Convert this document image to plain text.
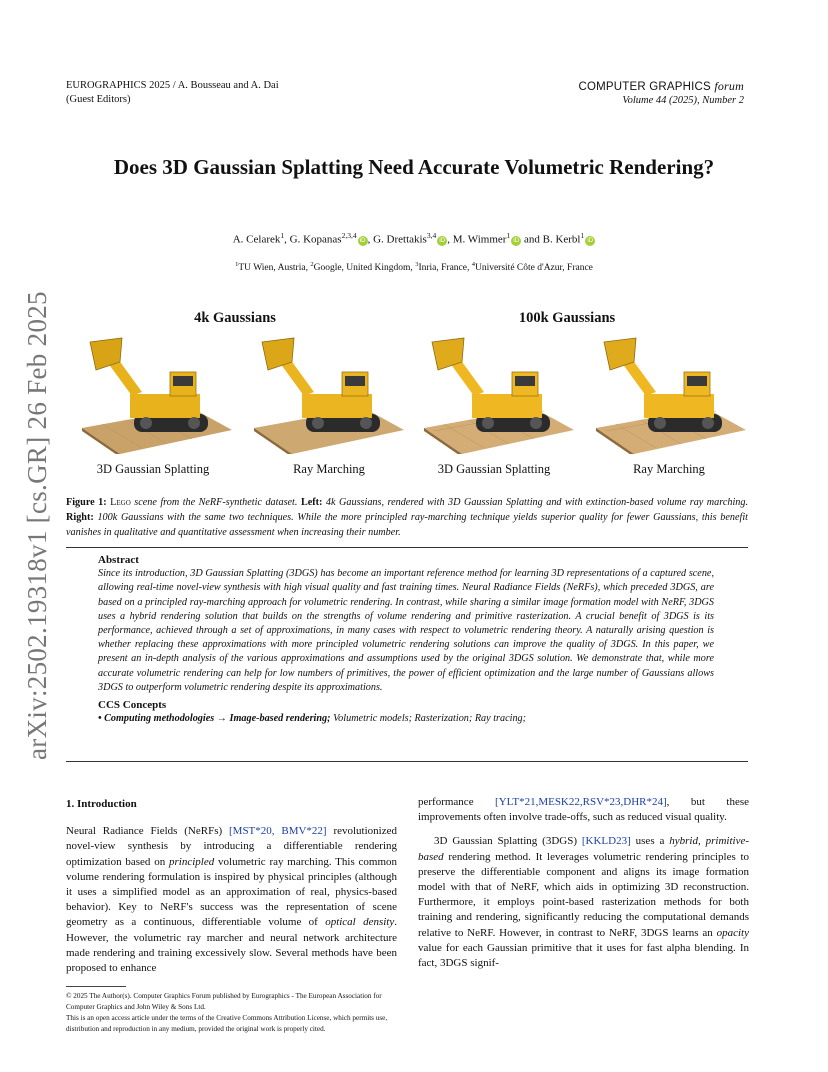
EUROGRAPHICS 2025 / A. Bousseau and A. Dai
(Guest Editors)
COMPUTER GRAPHICS forum
Volume 44 (2025), Number 2
arXiv:2502.19318v1 [cs.GR] 26 Feb 2025
Does 3D Gaussian Splatting Need Accurate Volumetric Rendering?
A. Celarek$^1$, G. Kopanas$^{2,3,4}$iD , G. Drettakis$^{3,4}$iD , M. Wimmer$^1$iD and B. Kerbl$^1$iD
$^1$TU Wien, Austria, $^2$Google, United Kingdom, $^3$Inria, France, $^4$Université Côte d'Azur, France
4k Gaussians	100k Gaussians
3D Gaussian Splatting	Ray Marching	3D Gaussian Splatting	Ray Marching
Figure 1: Lego scene from the NeRF-synthetic dataset. Left: 4k Gaussians, rendered with 3D Gaussian Splatting and with extinction-based volume ray marching. Right: 100k Gaussians with the same two techniques. While the more principled ray-marching technique yields superior quality for fewer Gaussians, this benefit vanishes in qualitative and quantitative assessment when increasing their number.
Abstract
Since its introduction, 3D Gaussian Splatting (3DGS) has become an important reference method for learning 3D representations of a captured scene, allowing real-time novel-view synthesis with high visual quality and fast training times. Neural Radiance Fields (NeRFs), which preceded 3DGS, are based on a principled ray-marching approach for volumetric rendering. In contrast, while sharing a similar image formation model with NeRF, 3DGS uses a hybrid rendering solution that builds on the strengths of volume rendering and primitive rasterization. A crucial benefit of 3DGS is its performance, achieved through a set of approximations, in many cases with respect to volumetric rendering theory. A naturally arising question is whether replacing these approximations with more principled volumetric rendering solutions can improve the quality of 3DGS. In this paper, we present an in-depth analysis of the various approximations and assumptions used by the original 3DGS solution. We demonstrate that, while more accurate volumetric rendering can help for low numbers of primitives, the power of efficient optimization and the large number of Gaussians allows 3DGS to outperform volumetric rendering despite its approximations.
CCS Concepts
• Computing methodologies → Image-based rendering; Volumetric models; Rasterization; Ray tracing;
1. Introduction
Neural Radiance Fields (NeRFs) [MST*20, BMV*22] revolutionized novel-view synthesis by introducing a differentiable rendering optimization based on principled volumetric ray marching. This common volume rendering formulation is inspired by physical principles (although it uses a simplified model as an approximation of real, physics-based behavior). Key to NeRF's success was the representation of scene geometry as a continuous, differentiable volume of optical density. However, the volumetric ray marcher and neural network architecture made rendering and training excessively slow. Several methods have been proposed to enhance
performance [YLT*21,MESK22,RSV*23,DHR*24], but these improvements often involve trade-offs, such as reduced visual quality.
3D Gaussian Splatting (3DGS) [KKLD23] uses a hybrid, primitive-based rendering method. It leverages volumetric rendering principles to preserve the differentiable component and aligns its image formation model with that of NeRF, which aids in optimizing 3D reconstruction. Furthermore, it employs point-based rasterization methods for both training and rendering, significantly reducing the computational demands relative to NeRF. However, in contrast to NeRF, 3DGS learns an opacity value for each Gaussian primitive that it uses for fast alpha blending. In fact, 3DGS signif-
© 2025 The Author(s). Computer Graphics Forum published by Eurographics - The European Association for Computer Graphics and John Wiley & Sons Ltd.
This is an open access article under the terms of the Creative Commons Attribution License, which permits use, distribution and reproduction in any medium, provided the original work is properly cited.
